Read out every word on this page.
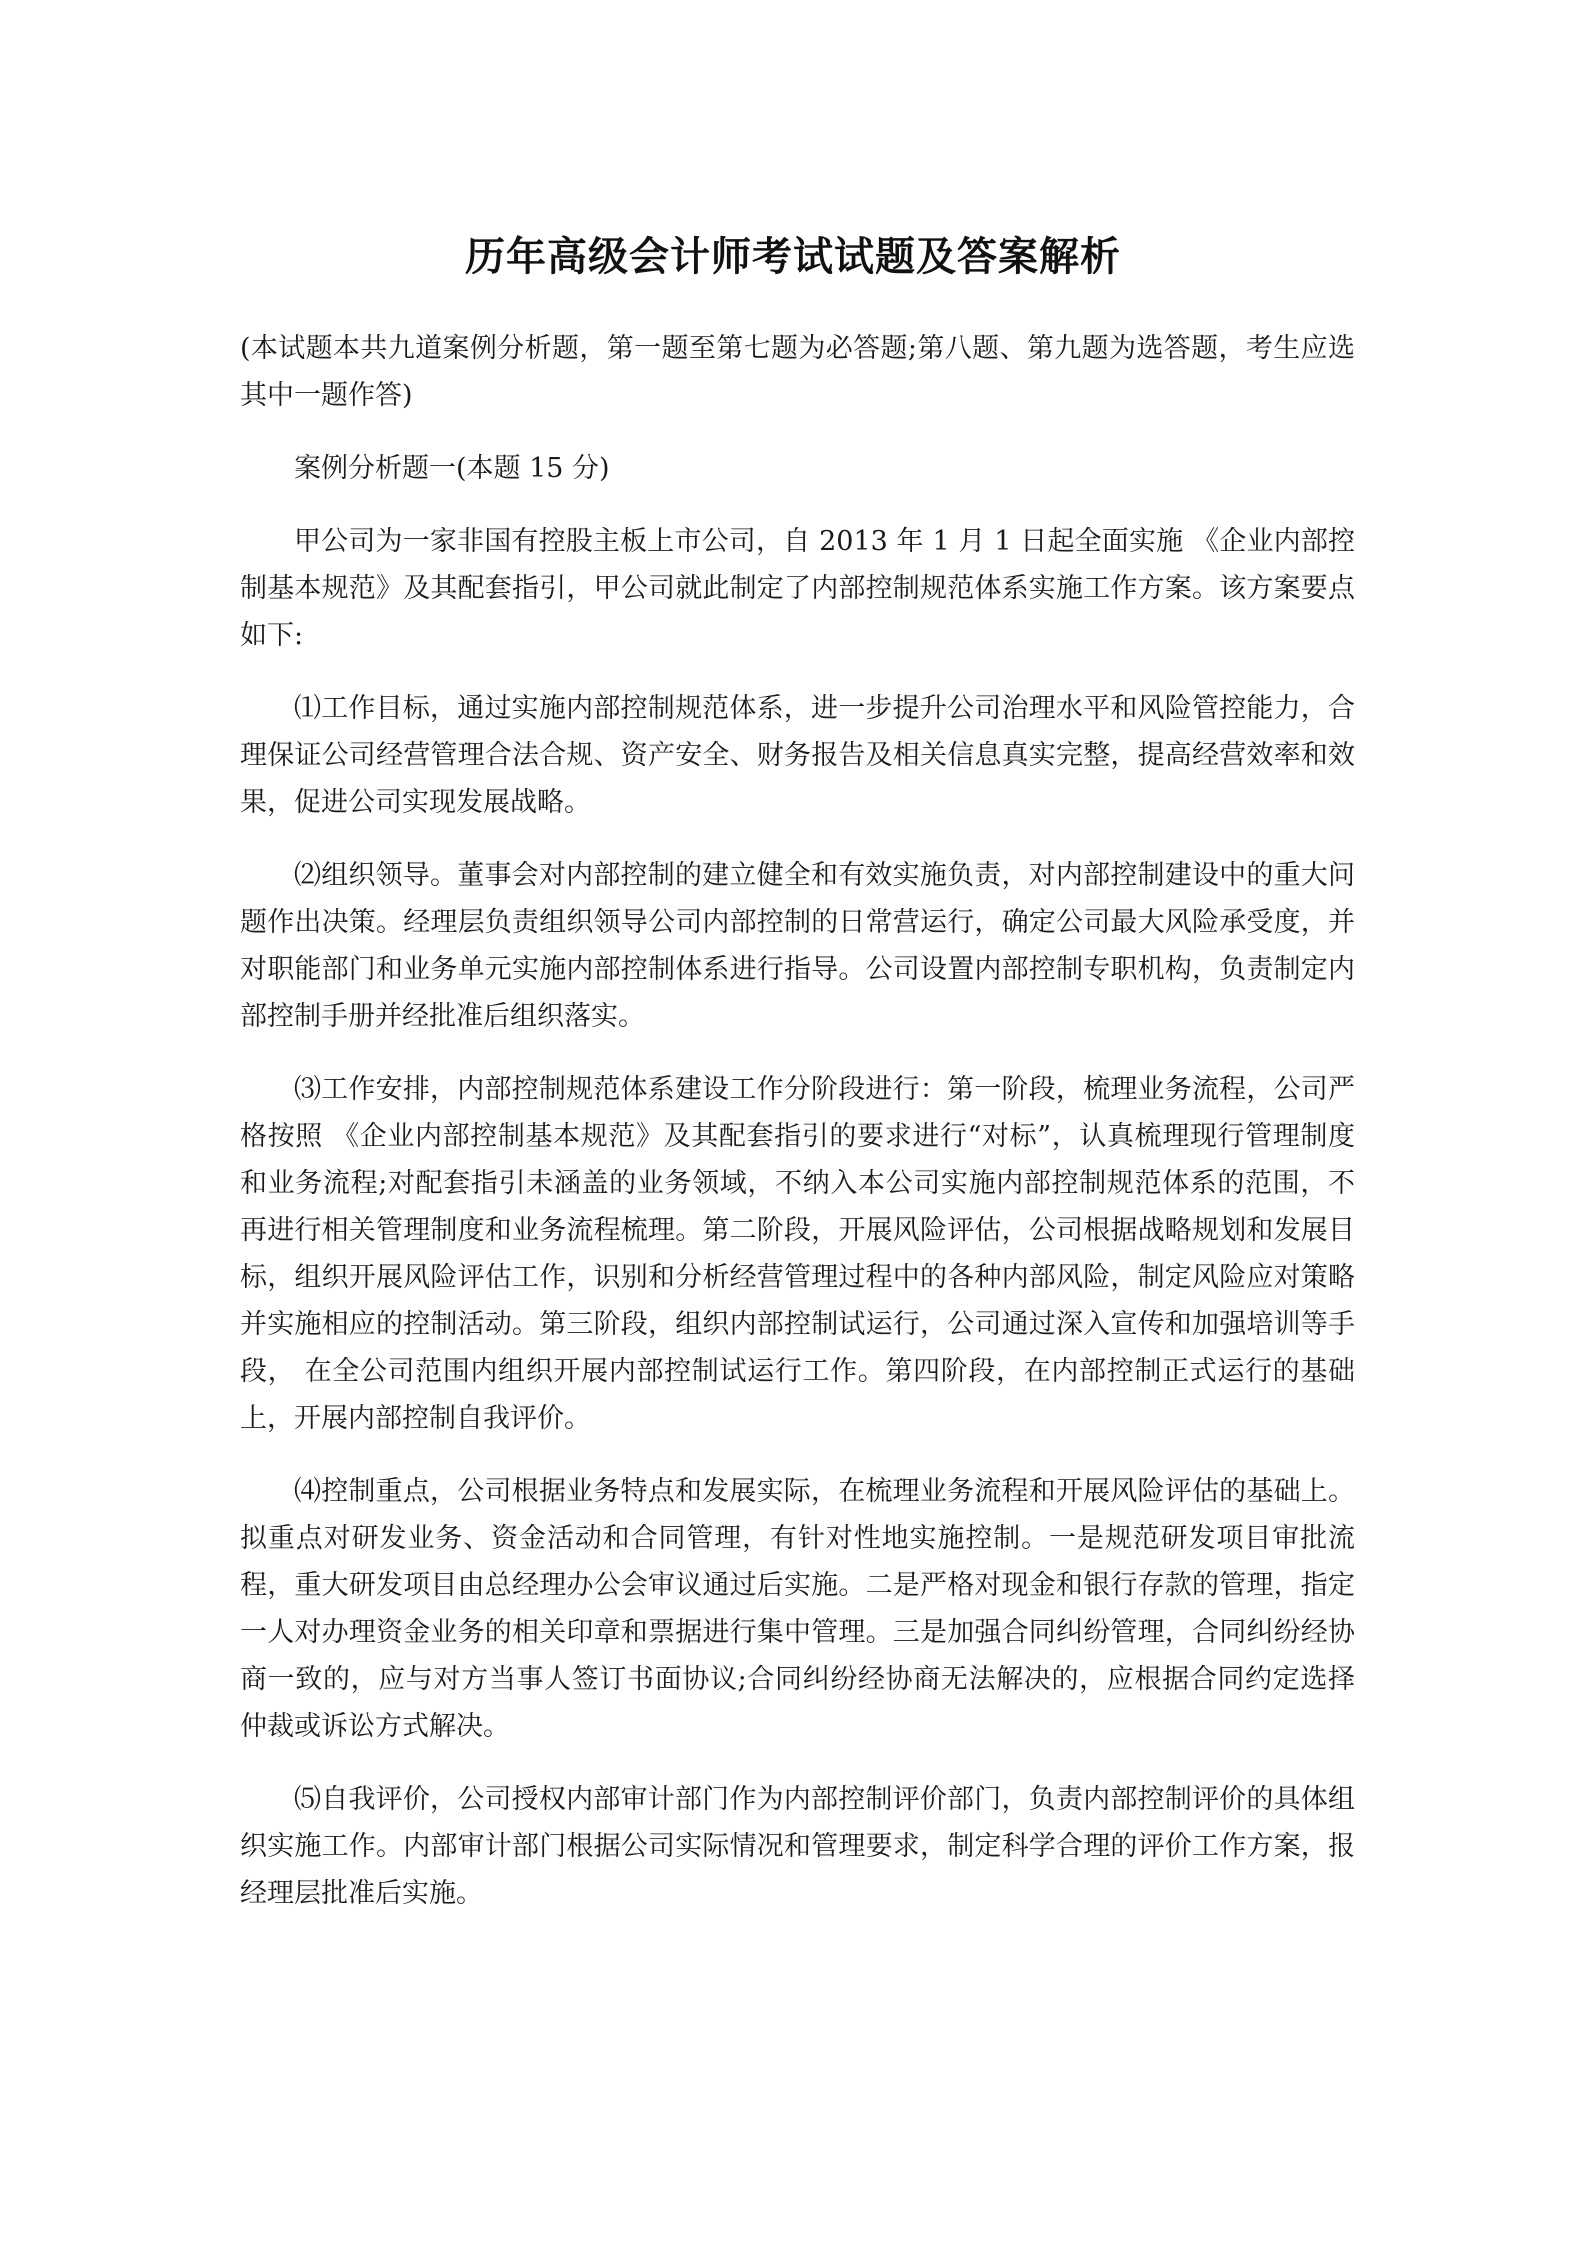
历年高级会计师考试试题及答案解析

(本试题本共九道案例分析题，第一题至第七题为必答题;第八题、第九题为选答题，考生应选其中一题作答)

案例分析题一(本题 15 分)

甲公司为一家非国有控股主板上市公司，自 2013 年 1 月 1 日起全面实施 《企业内部控制基本规范》及其配套指引，甲公司就此制定了内部控制规范体系实施工作方案。该方案要点如下:

⑴工作目标，通过实施内部控制规范体系，进一步提升公司治理水平和风险管控能力，合理保证公司经营管理合法合规、资产安全、财务报告及相关信息真实完整，提高经营效率和效果，促进公司实现发展战略。

⑵组织领导。董事会对内部控制的建立健全和有效实施负责，对内部控制建设中的重大问题作出决策。经理层负责组织领导公司内部控制的日常营运行，确定公司最大风险承受度，并对职能部门和业务单元实施内部控制体系进行指导。公司设置内部控制专职机构，负责制定内部控制手册并经批准后组织落实。

⑶工作安排，内部控制规范体系建设工作分阶段进行：第一阶段，梳理业务流程，公司严格按照 《企业内部控制基本规范》及其配套指引的要求进行“对标”，认真梳理现行管理制度和业务流程;对配套指引未涵盖的业务领域，不纳入本公司实施内部控制规范体系的范围，不再进行相关管理制度和业务流程梳理。第二阶段，开展风险评估，公司根据战略规划和发展目标，组织开展风险评估工作，识别和分析经营管理过程中的各种内部风险，制定风险应对策略并实施相应的控制活动。第三阶段，组织内部控制试运行，公司通过深入宣传和加强培训等手段， 在全公司范围内组织开展内部控制试运行工作。第四阶段，在内部控制正式运行的基础上，开展内部控制自我评价。

⑷控制重点，公司根据业务特点和发展实际，在梳理业务流程和开展风险评估的基础上。拟重点对研发业务、资金活动和合同管理，有针对性地实施控制。一是规范研发项目审批流程，重大研发项目由总经理办公会审议通过后实施。二是严格对现金和银行存款的管理，指定一人对办理资金业务的相关印章和票据进行集中管理。三是加强合同纠纷管理，合同纠纷经协商一致的，应与对方当事人签订书面协议;合同纠纷经协商无法解决的，应根据合同约定选择仲裁或诉讼方式解决。

⑸自我评价，公司授权内部审计部门作为内部控制评价部门，负责内部控制评价的具体组织实施工作。内部审计部门根据公司实际情况和管理要求，制定科学合理的评价工作方案，报经理层批准后实施。
